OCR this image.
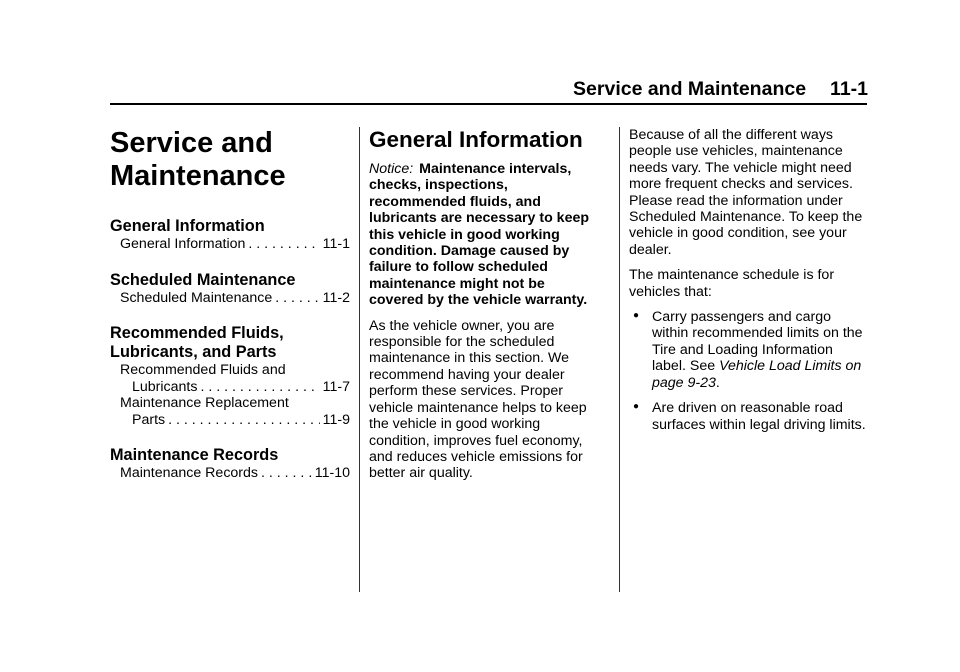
Service and Maintenance 11-1
Service and
Maintenance
General Information
General Information . . .	11-1
Scheduled Maintenance
Scheduled Maintenance . . .	11-2
Recommended Fluids,
Lubricants, and Parts
Recommended Fluids and
Lubricants . . .	11-7
Maintenance Replacement
Parts . . .	11-9
Maintenance Records
Maintenance Records . . .	11-10
General Information

Notice: Maintenance intervals, checks, inspections, recommended fluids, and lubricants are necessary to keep this vehicle in good working condition. Damage caused by failure to follow scheduled maintenance might not be covered by the vehicle warranty.

As the vehicle owner, you are responsible for the scheduled maintenance in this section. We recommend having your dealer perform these services. Proper vehicle maintenance helps to keep the vehicle in good working condition, improves fuel economy, and reduces vehicle emissions for better air quality.

Because of all the different ways people use vehicles, maintenance needs vary. The vehicle might need more frequent checks and services. Please read the information under Scheduled Maintenance. To keep the vehicle in good condition, see your dealer.

The maintenance schedule is for vehicles that:

● Carry passengers and cargo within recommended limits on the Tire and Loading Information label. See Vehicle Load Limits on page 9-23.
● Are driven on reasonable road surfaces within legal driving limits.
